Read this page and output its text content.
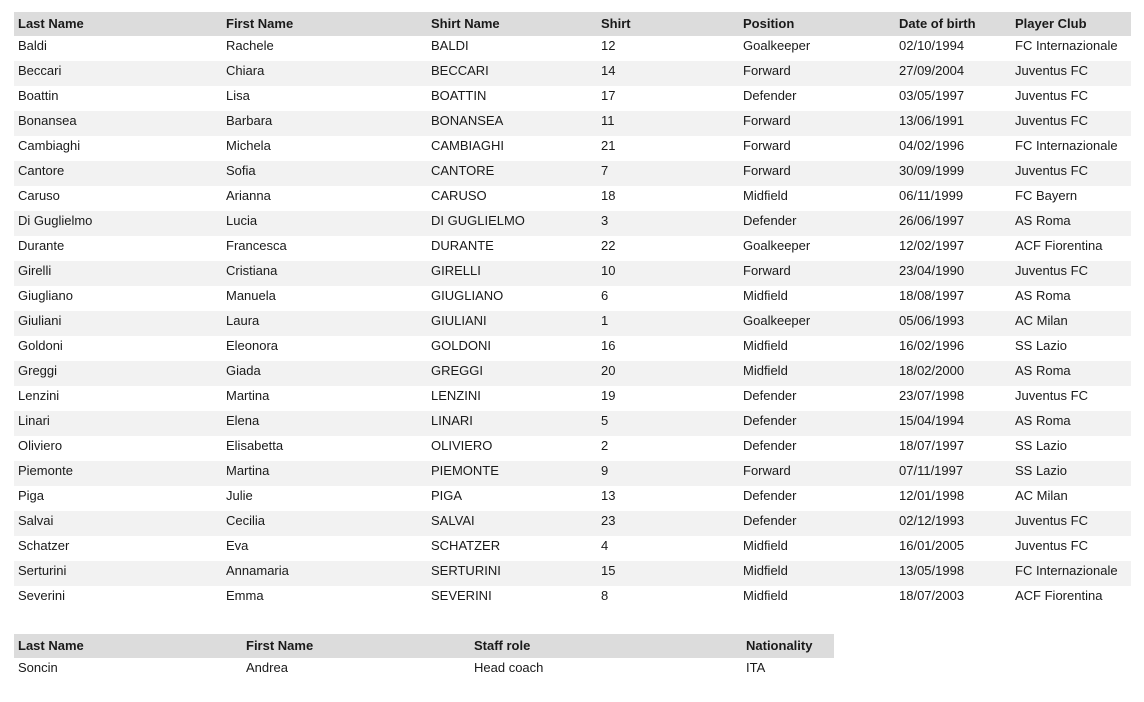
Last Name	First Name	Shirt Name	Shirt	Position	Date of birth	Player Club
Baldi	Rachele	BALDI	12	Goalkeeper	02/10/1994	FC Internazionale
Beccari	Chiara	BECCARI	14	Forward	27/09/2004	Juventus FC
Boattin	Lisa	BOATTIN	17	Defender	03/05/1997	Juventus FC
Bonansea	Barbara	BONANSEA	11	Forward	13/06/1991	Juventus FC
Cambiaghi	Michela	CAMBIAGHI	21	Forward	04/02/1996	FC Internazionale
Cantore	Sofia	CANTORE	7	Forward	30/09/1999	Juventus FC
Caruso	Arianna	CARUSO	18	Midfield	06/11/1999	FC Bayern
Di Guglielmo	Lucia	DI GUGLIELMO	3	Defender	26/06/1997	AS Roma
Durante	Francesca	DURANTE	22	Goalkeeper	12/02/1997	ACF Fiorentina
Girelli	Cristiana	GIRELLI	10	Forward	23/04/1990	Juventus FC
Giugliano	Manuela	GIUGLIANO	6	Midfield	18/08/1997	AS Roma
Giuliani	Laura	GIULIANI	1	Goalkeeper	05/06/1993	AC Milan
Goldoni	Eleonora	GOLDONI	16	Midfield	16/02/1996	SS Lazio
Greggi	Giada	GREGGI	20	Midfield	18/02/2000	AS Roma
Lenzini	Martina	LENZINI	19	Defender	23/07/1998	Juventus FC
Linari	Elena	LINARI	5	Defender	15/04/1994	AS Roma
Oliviero	Elisabetta	OLIVIERO	2	Defender	18/07/1997	SS Lazio
Piemonte	Martina	PIEMONTE	9	Forward	07/11/1997	SS Lazio
Piga	Julie	PIGA	13	Defender	12/01/1998	AC Milan
Salvai	Cecilia	SALVAI	23	Defender	02/12/1993	Juventus FC
Schatzer	Eva	SCHATZER	4	Midfield	16/01/2005	Juventus FC
Serturini	Annamaria	SERTURINI	15	Midfield	13/05/1998	FC Internazionale
Severini	Emma	SEVERINI	8	Midfield	18/07/2003	ACF Fiorentina
Last Name	First Name	Staff role	Nationality
Soncin	Andrea	Head coach	ITA
